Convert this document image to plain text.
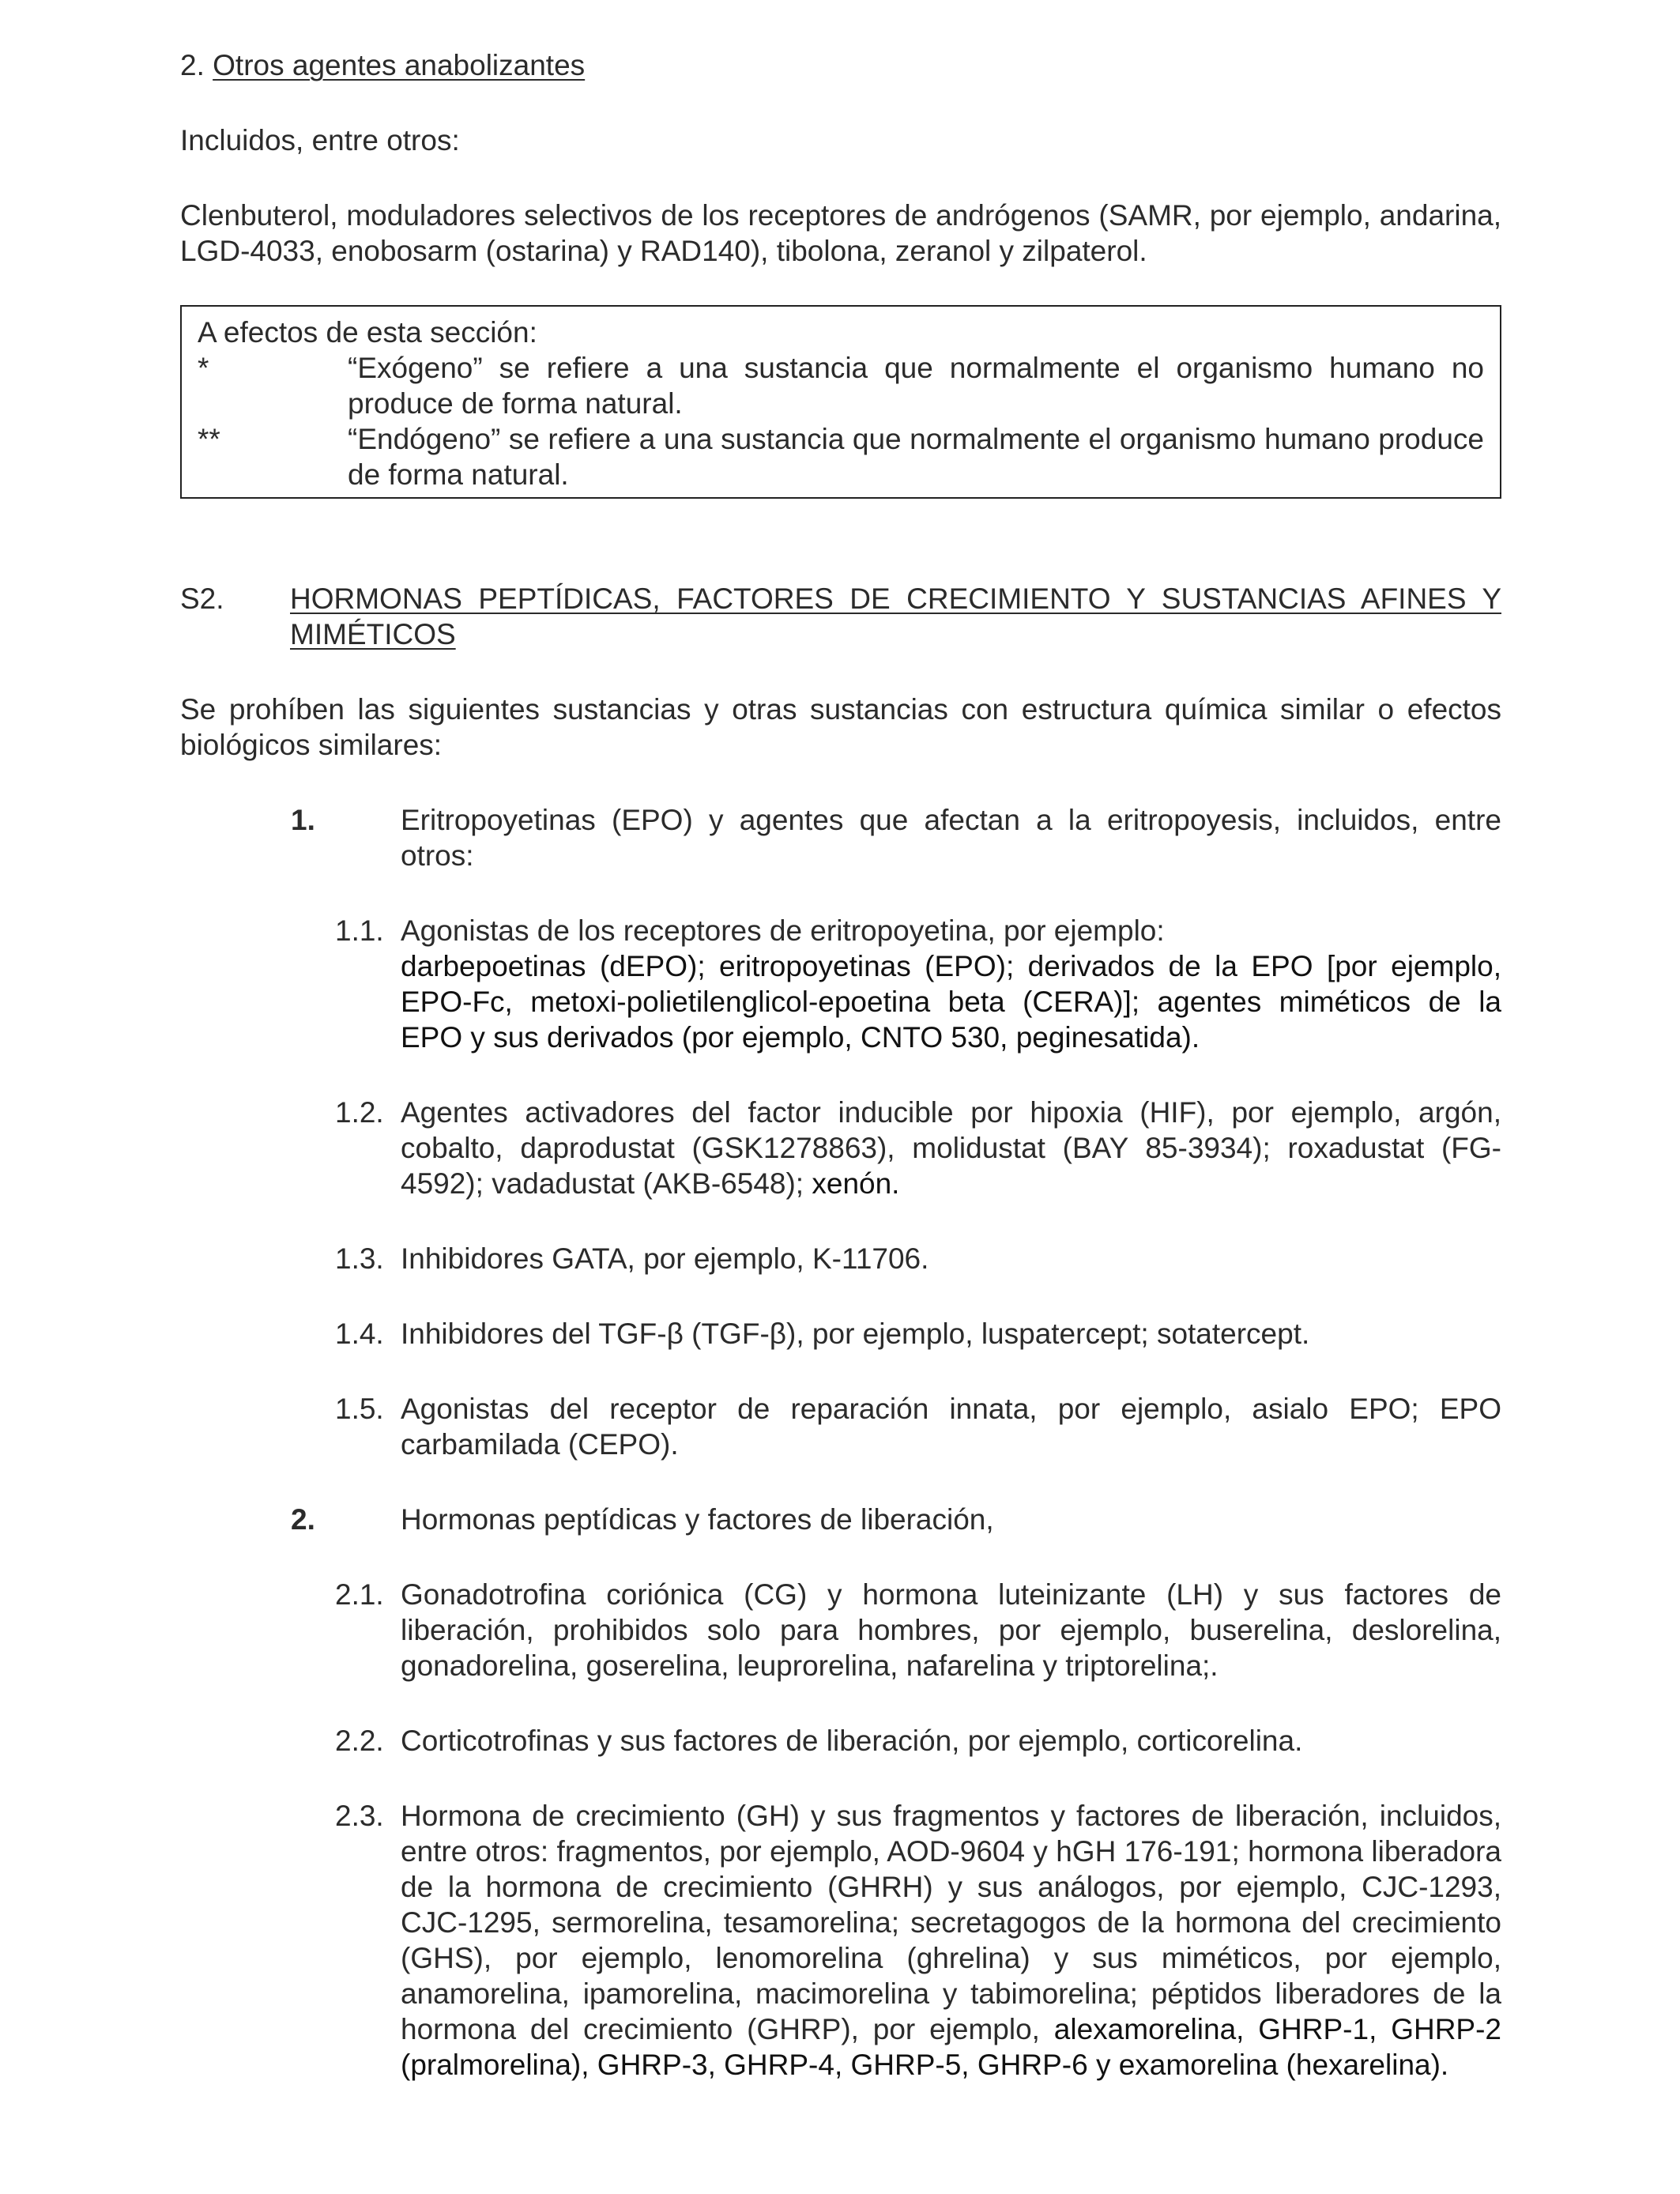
2. Otros agentes anabolizantes

Incluidos, entre otros:

Clenbuterol, moduladores selectivos de los receptores de andrógenos (SAMR, por ejemplo, andarina, LGD-4033, enobosarm (ostarina) y RAD140), tibolona, zeranol y zilpaterol.

A efectos de esta sección:
*	“Exógeno” se refiere a una sustancia que normalmente el organismo humano no produce de forma natural.
**	“Endógeno” se refiere a una sustancia que normalmente el organismo humano produce de forma natural.
S2.	HORMONAS PEPTÍDICAS, FACTORES DE CRECIMIENTO Y SUSTANCIAS AFINES Y MIMÉTICOS

Se prohíben las siguientes sustancias y otras sustancias con estructura química similar o efectos biológicos similares:

1.	Eritropoyetinas (EPO) y agentes que afectan a la eritropoyesis, incluidos, entre otros:
1.1. Agonistas de los receptores de eritropoyetina, por ejemplo:
darbepoetinas (dEPO); eritropoyetinas (EPO); derivados de la EPO [por ejemplo, EPO-Fc, metoxi-polietilenglicol-epoetina beta (CERA)]; agentes miméticos de la EPO y sus derivados (por ejemplo, CNTO 530, peginesatida).
1.2. Agentes activadores del factor inducible por hipoxia (HIF), por ejemplo, argón, cobalto, daprodustat (GSK1278863), molidustat (BAY 85-3934); roxadustat (FG-4592); vadadustat (AKB-6548); xenón.
1.3. Inhibidores GATA, por ejemplo, K-11706.
1.4. Inhibidores del TGF-β (TGF-β), por ejemplo, luspatercept; sotatercept.
1.5. Agonistas del receptor de reparación innata, por ejemplo, asialo EPO; EPO carbamilada (CEPO).
2.	Hormonas peptídicas y factores de liberación,
2.1. Gonadotrofina coriónica (CG) y hormona luteinizante (LH) y sus factores de liberación, prohibidos solo para hombres, por ejemplo, buserelina, deslorelina, gonadorelina, goserelina, leuprorelina, nafarelina y triptorelina;.
2.2. Corticotrofinas y sus factores de liberación, por ejemplo, corticorelina.
2.3. Hormona de crecimiento (GH) y sus fragmentos y factores de liberación, incluidos, entre otros: fragmentos, por ejemplo, AOD-9604 y hGH 176-191; hormona liberadora de la hormona de crecimiento (GHRH) y sus análogos, por ejemplo, CJC-1293, CJC-1295, sermorelina, tesamorelina; secretagogos de la hormona del crecimiento (GHS), por ejemplo, lenomorelina (ghrelina) y sus miméticos, por ejemplo, anamorelina, ipamorelina, macimorelina y tabimorelina; péptidos liberadores de la hormona del crecimiento (GHRP), por ejemplo, alexamorelina, GHRP-1, GHRP-2 (pralmorelina), GHRP-3, GHRP-4, GHRP-5, GHRP-6 y examorelina (hexarelina).
